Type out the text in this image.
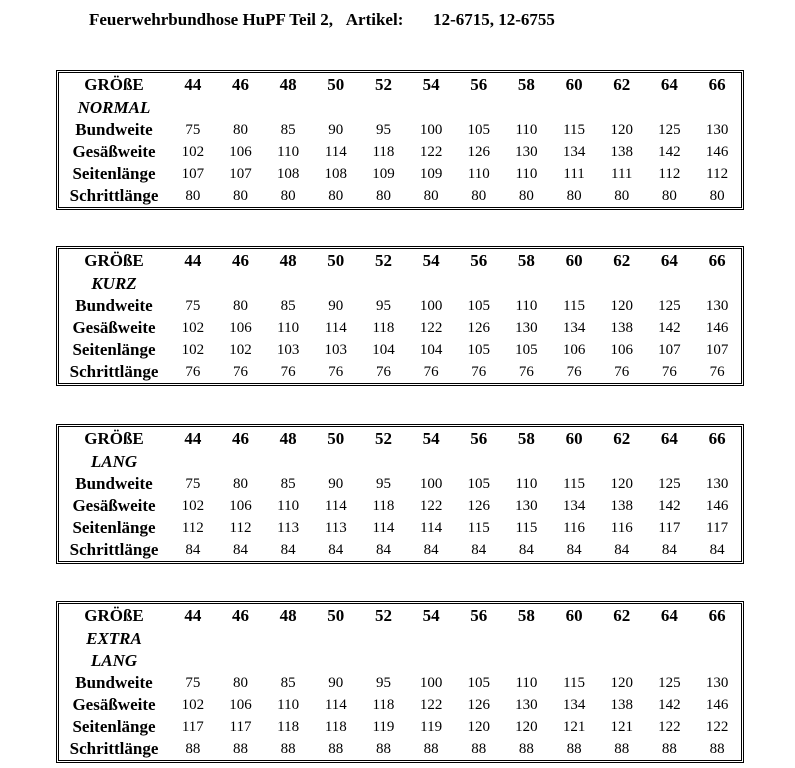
Feuerwehrbundhose HuPF Teil 2, Artikel: 12-6715, 12-6755
GRÖßE	44	46	48	50	52	54	56	58	60	62	64	66
NORMAL												
Bundweite	75	80	85	90	95	100	105	110	115	120	125	130
Gesäßweite	102	106	110	114	118	122	126	130	134	138	142	146
Seitenlänge	107	107	108	108	109	109	110	110	111	111	112	112
Schrittlänge	80	80	80	80	80	80	80	80	80	80	80	80
GRÖßE	44	46	48	50	52	54	56	58	60	62	64	66
KURZ												
Bundweite	75	80	85	90	95	100	105	110	115	120	125	130
Gesäßweite	102	106	110	114	118	122	126	130	134	138	142	146
Seitenlänge	102	102	103	103	104	104	105	105	106	106	107	107
Schrittlänge	76	76	76	76	76	76	76	76	76	76	76	76
GRÖßE	44	46	48	50	52	54	56	58	60	62	64	66
LANG												
Bundweite	75	80	85	90	95	100	105	110	115	120	125	130
Gesäßweite	102	106	110	114	118	122	126	130	134	138	142	146
Seitenlänge	112	112	113	113	114	114	115	115	116	116	117	117
Schrittlänge	84	84	84	84	84	84	84	84	84	84	84	84
GRÖßE	44	46	48	50	52	54	56	58	60	62	64	66
EXTRA												
LANG												
Bundweite	75	80	85	90	95	100	105	110	115	120	125	130
Gesäßweite	102	106	110	114	118	122	126	130	134	138	142	146
Seitenlänge	117	117	118	118	119	119	120	120	121	121	122	122
Schrittlänge	88	88	88	88	88	88	88	88	88	88	88	88
